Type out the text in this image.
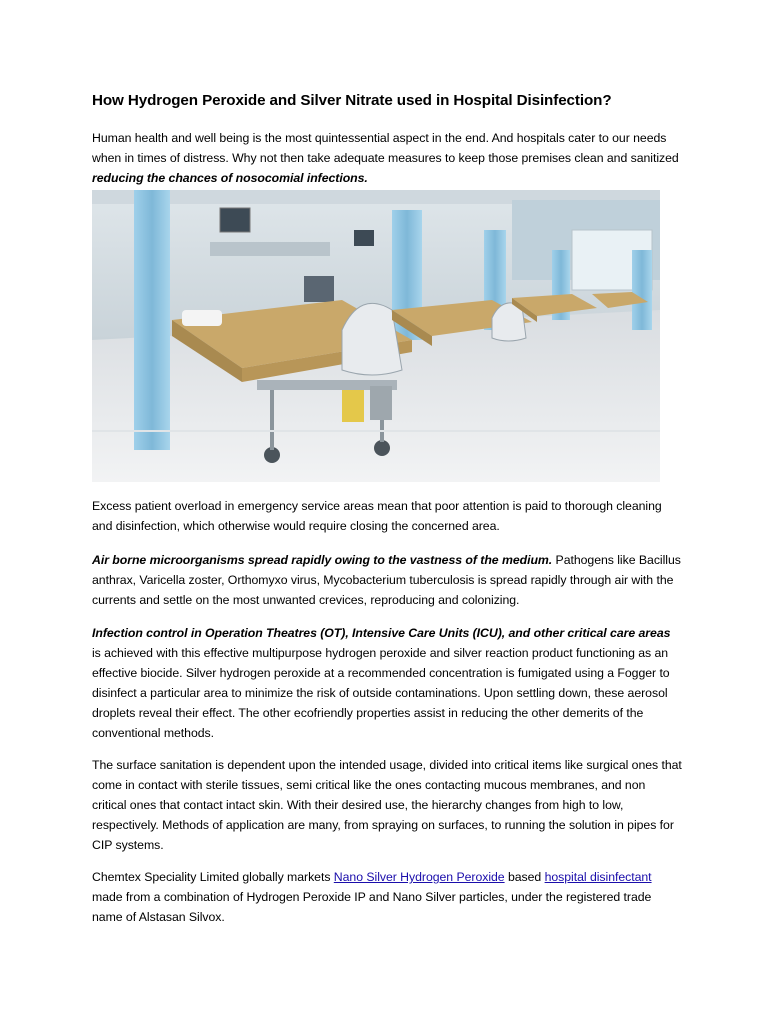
How Hydrogen Peroxide and Silver Nitrate used in Hospital Disinfection?

Human health and well being is the most quintessential aspect in the end. And hospitals cater to our needs when in times of distress. Why not then take adequate measures to keep those premises clean and sanitized reducing the chances of nosocomial infections.

Excess patient overload in emergency service areas mean that poor attention is paid to thorough cleaning and disinfection, which otherwise would require closing the concerned area.

Air borne microorganisms spread rapidly owing to the vastness of the medium. Pathogens like Bacillus anthrax, Varicella zoster, Orthomyxo virus, Mycobacterium tuberculosis is spread rapidly through air with the currents and settle on the most unwanted crevices, reproducing and colonizing.

Infection control in Operation Theatres (OT), Intensive Care Units (ICU), and other critical care areas is achieved with this effective multipurpose hydrogen peroxide and silver reaction product functioning as an effective biocide. Silver hydrogen peroxide at a recommended concentration is fumigated using a Fogger to disinfect a particular area to minimize the risk of outside contaminations. Upon settling down, these aerosol droplets reveal their effect. The other ecofriendly properties assist in reducing the other demerits of the conventional methods.

The surface sanitation is dependent upon the intended usage, divided into critical items like surgical ones that come in contact with sterile tissues, semi critical like the ones contacting mucous membranes, and non critical ones that contact intact skin. With their desired use, the hierarchy changes from high to low, respectively. Methods of application are many, from spraying on surfaces, to running the solution in pipes for CIP systems.

Chemtex Speciality Limited globally markets Nano Silver Hydrogen Peroxide based hospital disinfectant made from a combination of Hydrogen Peroxide IP and Nano Silver particles, under the registered trade name of Alstasan Silvox.
